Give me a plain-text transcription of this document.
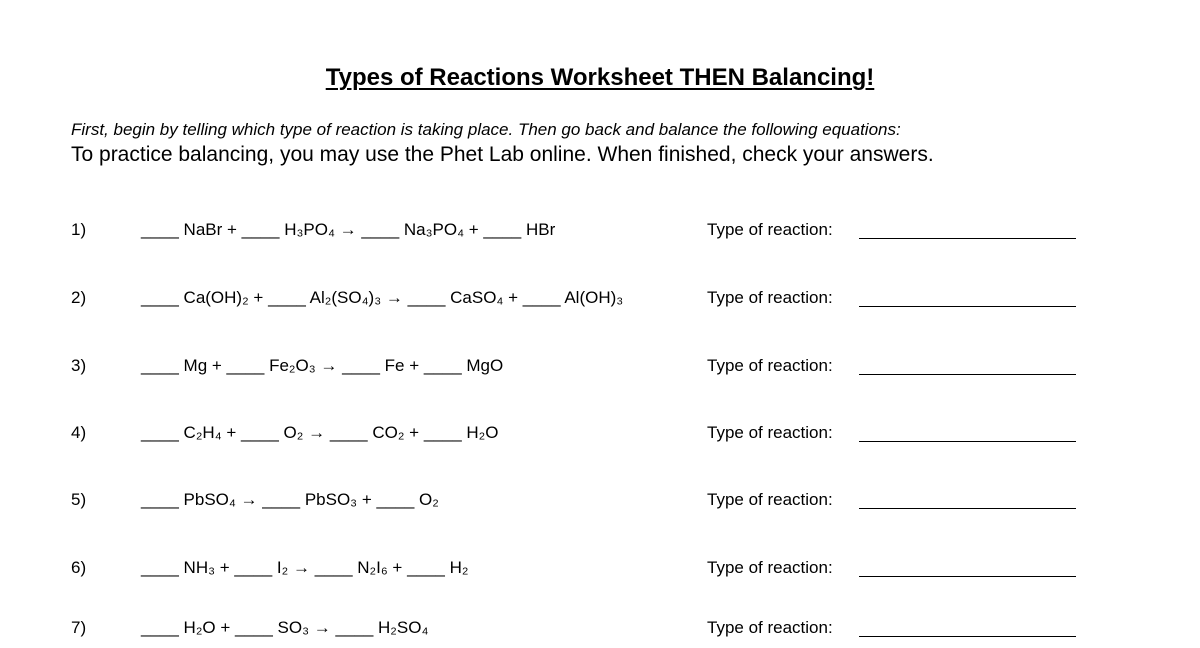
Types of Reactions Worksheet THEN Balancing!
First, begin by telling which type of reaction is taking place. Then go back and balance the following equations:
To practice balancing, you may use the Phet Lab online. When finished, check your answers.
1)	____ NaBr + ____ H₃PO₄ → ____ Na₃PO₄ + ____ HBr	Type of reaction:
2)	____ Ca(OH)₂ + ____ Al₂(SO₄)₃ → ____ CaSO₄ + ____ Al(OH)₃	Type of reaction:
3)	____ Mg + ____ Fe₂O₃ → ____ Fe + ____ MgO	Type of reaction:
4)	____ C₂H₄ + ____ O₂ → ____ CO₂ + ____ H₂O	Type of reaction:
5)	____ PbSO₄ → ____ PbSO₃ + ____ O₂	Type of reaction:
6)	____ NH₃ + ____ I₂ → ____ N₂I₆ + ____ H₂	Type of reaction:
7)	____ H₂O + ____ SO₃ → ____ H₂SO₄	Type of reaction:
